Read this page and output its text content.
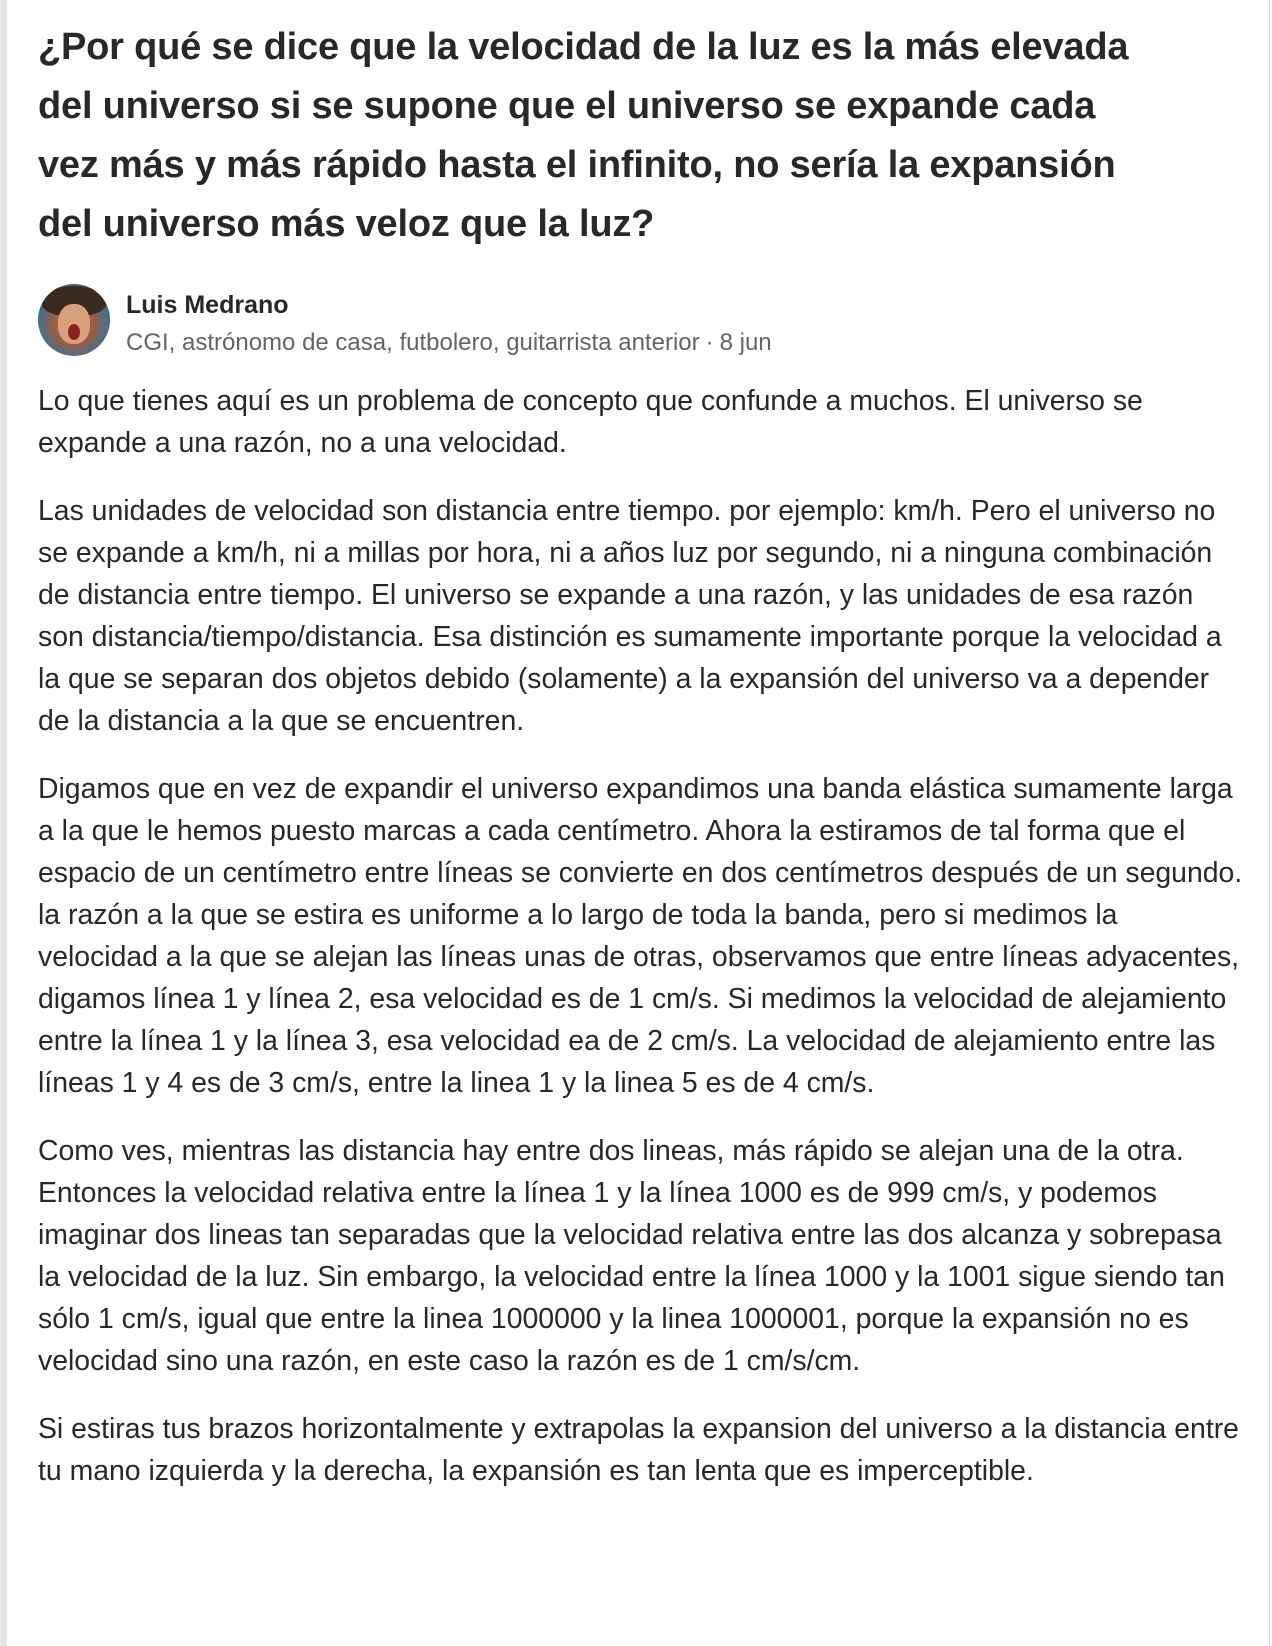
¿Por qué se dice que la velocidad de la luz es la más elevada del universo si se supone que el universo se expande cada vez más y más rápido hasta el infinito, no sería la expansión del universo más veloz que la luz?
Luis Medrano
CGI, astrónomo de casa, futbolero, guitarrista anterior · 8 jun

Lo que tienes aquí es un problema de concepto que confunde a muchos. El universo se expande a una razón, no a una velocidad.

Las unidades de velocidad son distancia entre tiempo. por ejemplo: km/h. Pero el universo no se expande a km/h, ni a millas por hora, ni a años luz por segundo, ni a ninguna combinación de distancia entre tiempo. El universo se expande a una razón, y las unidades de esa razón son distancia/tiempo/distancia. Esa distinción es sumamente importante porque la velocidad a la que se separan dos objetos debido (solamente) a la expansión del universo va a depender de la distancia a la que se encuentren.

Digamos que en vez de expandir el universo expandimos una banda elástica sumamente larga a la que le hemos puesto marcas a cada centímetro. Ahora la estiramos de tal forma que el espacio de un centímetro entre líneas se convierte en dos centímetros después de un segundo. la razón a la que se estira es uniforme a lo largo de toda la banda, pero si medimos la velocidad a la que se alejan las líneas unas de otras, observamos que entre líneas adyacentes, digamos línea 1 y línea 2, esa velocidad es de 1 cm/s. Si medimos la velocidad de alejamiento entre la línea 1 y la línea 3, esa velocidad ea de 2 cm/s. La velocidad de alejamiento entre las líneas 1 y 4 es de 3 cm/s, entre la linea 1 y la linea 5 es de 4 cm/s.

Como ves, mientras las distancia hay entre dos lineas, más rápido se alejan una de la otra. Entonces la velocidad relativa entre la línea 1 y la línea 1000 es de 999 cm/s, y podemos imaginar dos lineas tan separadas que la velocidad relativa entre las dos alcanza y sobrepasa la velocidad de la luz. Sin embargo, la velocidad entre la línea 1000 y la 1001 sigue siendo tan sólo 1 cm/s, igual que entre la linea 1000000 y la linea 1000001, porque la expansión no es velocidad sino una razón, en este caso la razón es de 1 cm/s/cm.

Si estiras tus brazos horizontalmente y extrapolas la expansion del universo a la distancia entre tu mano izquierda y la derecha, la expansión es tan lenta que es imperceptible.
